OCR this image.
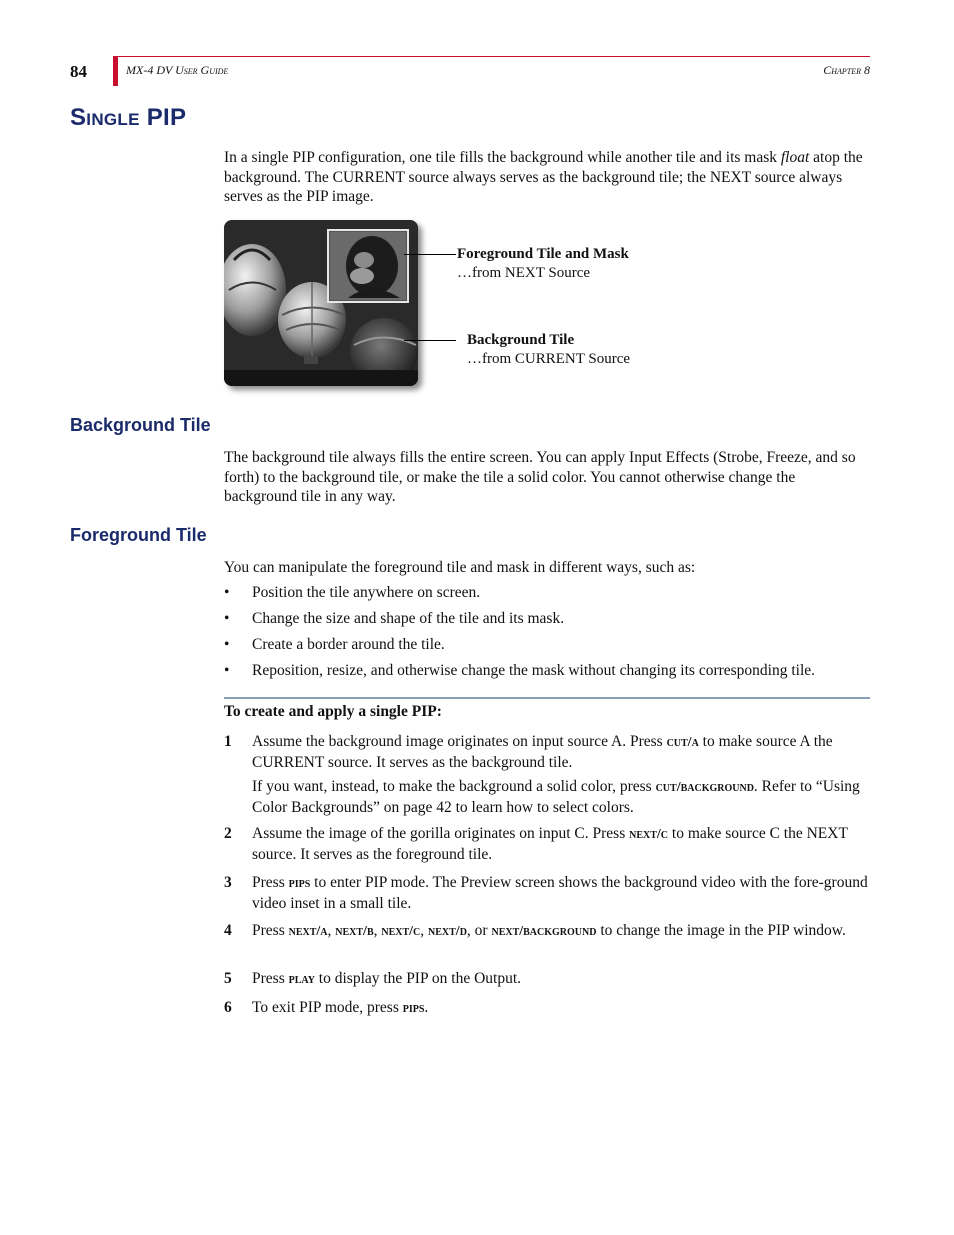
84	MX-4 DV User Guide	Chapter 8
Single PIP
In a single PIP configuration, one tile fills the background while another tile and its mask float atop the background. The CURRENT source always serves as the background tile; the NEXT source always serves as the PIP image.
Foreground Tile and Mask
…from NEXT Source
Background Tile
…from CURRENT Source
Background Tile
The background tile always fills the entire screen. You can apply Input Effects (Strobe, Freeze, and so forth) to the background tile, or make the tile a solid color. You cannot otherwise change the background tile in any way.
Foreground Tile
You can manipulate the foreground tile and mask in different ways, such as:
• Position the tile anywhere on screen.
• Change the size and shape of the tile and its mask.
• Create a border around the tile.
• Reposition, resize, and otherwise change the mask without changing its corresponding tile.
To create and apply a single PIP:
1 Assume the background image originates on input source A. Press cut/a to make source A the CURRENT source. It serves as the background tile.
If you want, instead, to make the background a solid color, press cut/background. Refer to “Using Color Backgrounds” on page 42 to learn how to select colors.
2 Assume the image of the gorilla originates on input C. Press next/c to make source C the NEXT source. It serves as the foreground tile.
3 Press pips to enter PIP mode. The Preview screen shows the background video with the fore-ground video inset in a small tile.
4 Press next/a, next/b, next/c, next/d, or next/background to change the image in the PIP window.
5 Press play to display the PIP on the Output.
6 To exit PIP mode, press pips.
